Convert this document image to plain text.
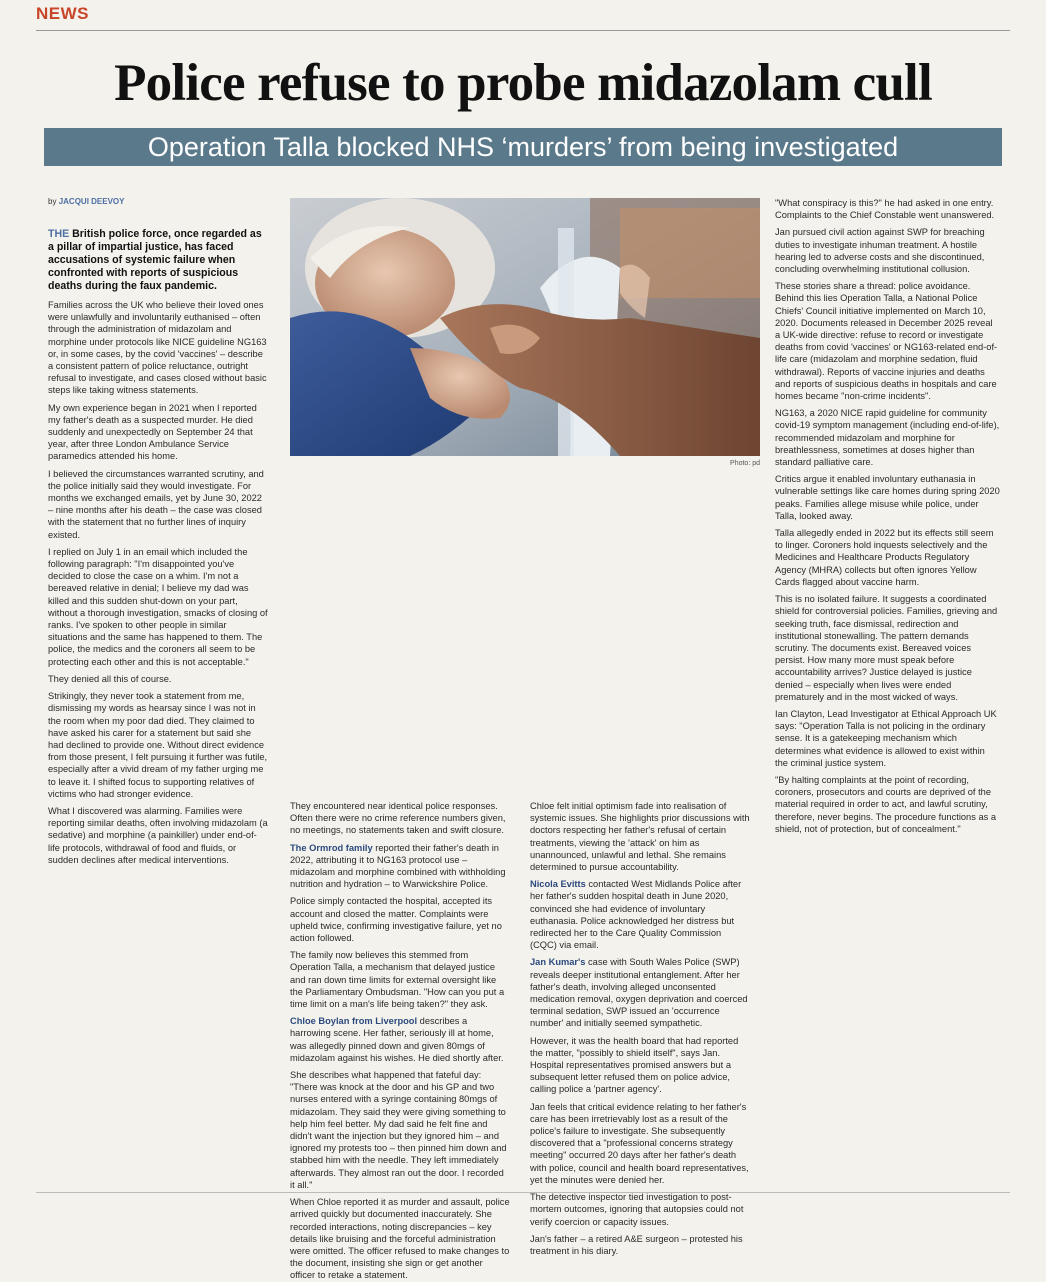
NEWS
Police refuse to probe midazolam cull
Operation Talla blocked NHS ‘murders’ from being investigated
by JACQUI DEEVOY

THE British police force, once regarded as a pillar of impartial justice, has faced accusations of systemic failure when confronted with reports of suspicious deaths during the faux pandemic.

Families across the UK who believe their loved ones were unlawfully and involuntarily euthanised – often through the administration of midazolam and morphine under protocols like NICE guideline NG163 or, in some cases, by the covid 'vaccines' – describe a consistent pattern of police reluctance, outright refusal to investigate, and cases closed without basic steps like taking witness statements.

My own experience began in 2021 when I reported my father's death as a suspected murder. He died suddenly and unexpectedly on September 24 that year, after three London Ambulance Service paramedics attended his home.

I believed the circumstances warranted scrutiny, and the police initially said they would investigate. For months we exchanged emails, yet by June 30, 2022 – nine months after his death – the case was closed with the statement that no further lines of inquiry existed.

I replied on July 1 in an email which included the following paragraph: "I'm disappointed you've decided to close the case on a whim. I'm not a bereaved relative in denial; I believe my dad was killed and this sudden shut-down on your part, without a thorough investigation, smacks of closing of ranks. I've spoken to other people in similar situations and the same has happened to them. The police, the medics and the coroners all seem to be protecting each other and this is not acceptable."

They denied all this of course.

Strikingly, they never took a statement from me, dismissing my words as hearsay since I was not in the room when my poor dad died. They claimed to have asked his carer for a statement but said she had declined to provide one. Without direct evidence from those present, I felt pursuing it further was futile, especially after a vivid dream of my father urging me to leave it. I shifted focus to supporting relatives of victims who had stronger evidence.

What I discovered was alarming. Families were reporting similar deaths, often involving midazolam (a sedative) and morphine (a painkiller) under end-of-life protocols, withdrawal of food and fluids, or sudden declines after medical interventions.

Photo: pd

They encountered near identical police responses. Often there were no crime reference numbers given, no meetings, no statements taken and swift closure.

The Ormrod family reported their father's death in 2022, attributing it to NG163 protocol use – midazolam and morphine combined with withholding nutrition and hydration – to Warwickshire Police.

Police simply contacted the hospital, accepted its account and closed the matter. Complaints were upheld twice, confirming investigative failure, yet no action followed.

The family now believes this stemmed from Operation Talla, a mechanism that delayed justice and ran down time limits for external oversight like the Parliamentary Ombudsman. "How can you put a time limit on a man's life being taken?" they ask.

Chloe Boylan from Liverpool describes a harrowing scene. Her father, seriously ill at home, was allegedly pinned down and given 80mgs of midazolam against his wishes. He died shortly after.

She describes what happened that fateful day: "There was knock at the door and his GP and two nurses entered with a syringe containing 80mgs of midazolam. They said they were giving something to help him feel better. My dad said he felt fine and didn't want the injection but they ignored him – and ignored my protests too – then pinned him down and stabbed him with the needle. They left immediately afterwards. They almost ran out the door. I recorded it all."

When Chloe reported it as murder and assault, police arrived quickly but documented inaccurately. She recorded interactions, noting discrepancies – key details like bruising and the forceful administration were omitted. The officer refused to make changes to the document, insisting she sign or get another officer to retake a statement.

Chloe felt initial optimism fade into realisation of systemic issues. She highlights prior discussions with doctors respecting her father's refusal of certain treatments, viewing the 'attack' on him as unannounced, unlawful and lethal. She remains determined to pursue accountability.

Nicola Evitts contacted West Midlands Police after her father's sudden hospital death in June 2020, convinced she had evidence of involuntary euthanasia. Police acknowledged her distress but redirected her to the Care Quality Commission (CQC) via email.

Jan Kumar's case with South Wales Police (SWP) reveals deeper institutional entanglement. After her father's death, involving alleged unconsented medication removal, oxygen deprivation and coerced terminal sedation, SWP issued an 'occurrence number' and initially seemed sympathetic.

However, it was the health board that had reported the matter, "possibly to shield itself", says Jan. Hospital representatives promised answers but a subsequent letter refused them on police advice, calling police a 'partner agency'.

Jan feels that critical evidence relating to her father's care has been irretrievably lost as a result of the police's failure to investigate. She subsequently discovered that a "professional concerns strategy meeting" occurred 20 days after her father's death with police, council and health board representatives, yet the minutes were denied her.

The detective inspector tied investigation to post-mortem outcomes, ignoring that autopsies could not verify coercion or capacity issues.

Jan's father – a retired A&E surgeon – protested his treatment in his diary.

"What conspiracy is this?" he had asked in one entry. Complaints to the Chief Constable went unanswered.

Jan pursued civil action against SWP for breaching duties to investigate inhuman treatment. A hostile hearing led to adverse costs and she discontinued, concluding overwhelming institutional collusion.

These stories share a thread: police avoidance. Behind this lies Operation Talla, a National Police Chiefs' Council initiative implemented on March 10, 2020. Documents released in December 2025 reveal a UK-wide directive: refuse to record or investigate deaths from covid 'vaccines' or NG163-related end-of-life care (midazolam and morphine sedation, fluid withdrawal). Reports of vaccine injuries and deaths and reports of suspicious deaths in hospitals and care homes became "non-crime incidents".

NG163, a 2020 NICE rapid guideline for community covid-19 symptom management (including end-of-life), recommended midazolam and morphine for breathlessness, sometimes at doses higher than standard palliative care.

Critics argue it enabled involuntary euthanasia in vulnerable settings like care homes during spring 2020 peaks. Families allege misuse while police, under Talla, looked away.

Talla allegedly ended in 2022 but its effects still seem to linger. Coroners hold inquests selectively and the Medicines and Healthcare Products Regulatory Agency (MHRA) collects but often ignores Yellow Cards flagged about vaccine harm.

This is no isolated failure. It suggests a coordinated shield for controversial policies. Families, grieving and seeking truth, face dismissal, redirection and institutional stonewalling. The pattern demands scrutiny. The documents exist. Bereaved voices persist. How many more must speak before accountability arrives? Justice delayed is justice denied – especially when lives were ended prematurely and in the most wicked of ways.

Ian Clayton, Lead Investigator at Ethical Approach UK says: "Operation Talla is not policing in the ordinary sense. It is a gatekeeping mechanism which determines what evidence is allowed to exist within the criminal justice system.

"By halting complaints at the point of recording, coroners, prosecutors and courts are deprived of the material required in order to act, and lawful scrutiny, therefore, never begins. The procedure functions as a shield, not of protection, but of concealment."
